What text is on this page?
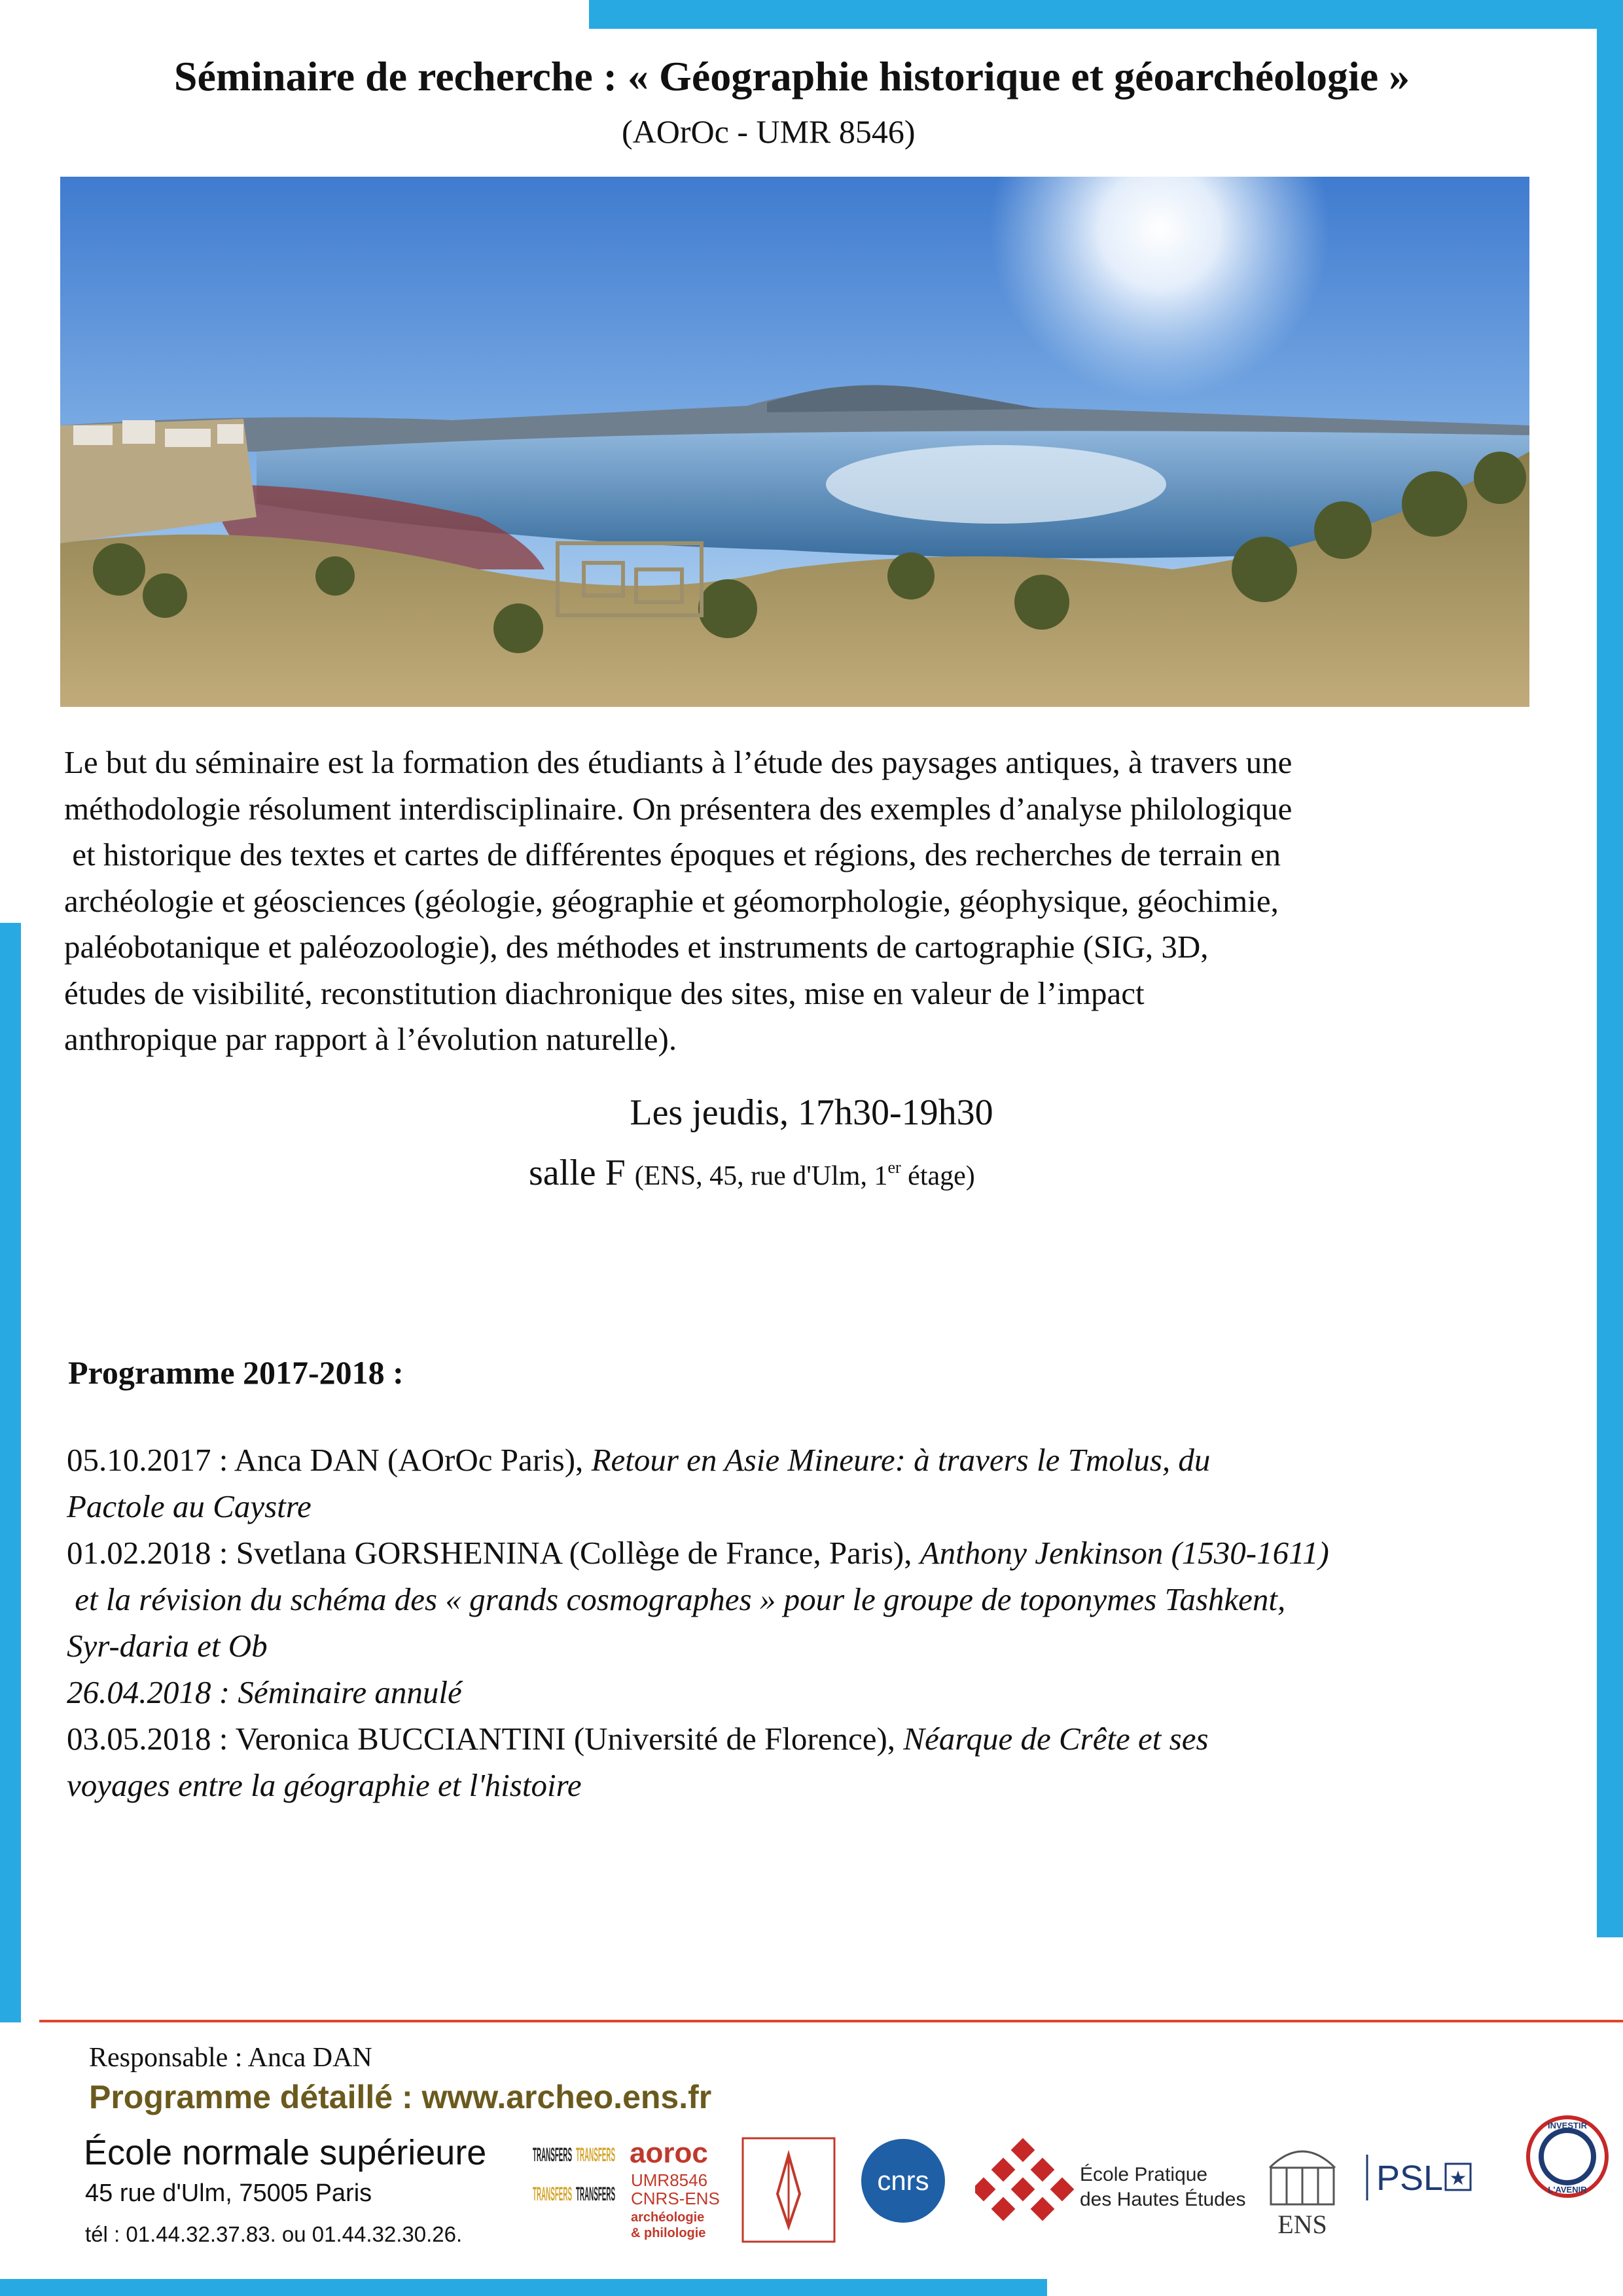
Séminaire de recherche : « Géographie historique et géoarchéologie »

(AOrOc - UMR 8546)

Le but du séminaire est la formation des étudiants à l’étude des paysages antiques, à travers une
méthodologie résolument interdisciplinaire. On présentera des exemples d’analyse philologique
et historique des textes et cartes de différentes époques et régions, des recherches de terrain en
archéologie et géosciences (géologie, géographie et géomorphologie, géophysique, géochimie,
paléobotanique et paléozoologie), des méthodes et instruments de cartographie (SIG, 3D,
études de visibilité, reconstitution diachronique des sites, mise en valeur de l’impact
anthropique par rapport à l’évolution naturelle).

Les jeudis, 17h30-19h30

salle F (ENS, 45, rue d'Ulm, 1er étage)

Programme 2017-2018 :
05.10.2017 : Anca DAN (AOrOc Paris), Retour en Asie Mineure: à travers le Tmolus, du
Pactole au Caystre
01.02.2018 : Svetlana GORSHENINA (Collège de France, Paris), Anthony Jenkinson (1530-1611)
et la révision du schéma des « grands cosmographes » pour le groupe de toponymes Tashkent,
Syr-daria et Ob
26.04.2018 : Séminaire annulé
03.05.2018 : Veronica BUCCIANTINI (Université de Florence), Néarque de Crête et ses
voyages entre la géographie et l'histoire

Responsable : Anca DAN

Programme détaillé : www.archeo.ens.fr

École normale supérieure

45 rue d'Ulm, 75005 Paris

tél : 01.44.32.37.83. ou 01.44.32.30.26.

TRANSFERS TRANSFERS
TRANSFERS TRANSFERS
aoroc
UMR8546
CNRS-ENS
archéologie
& philologie
cnrs	École Pratique
des Hautes Études
ENS
PSL ★
INVESTIR
L'AVENIR
